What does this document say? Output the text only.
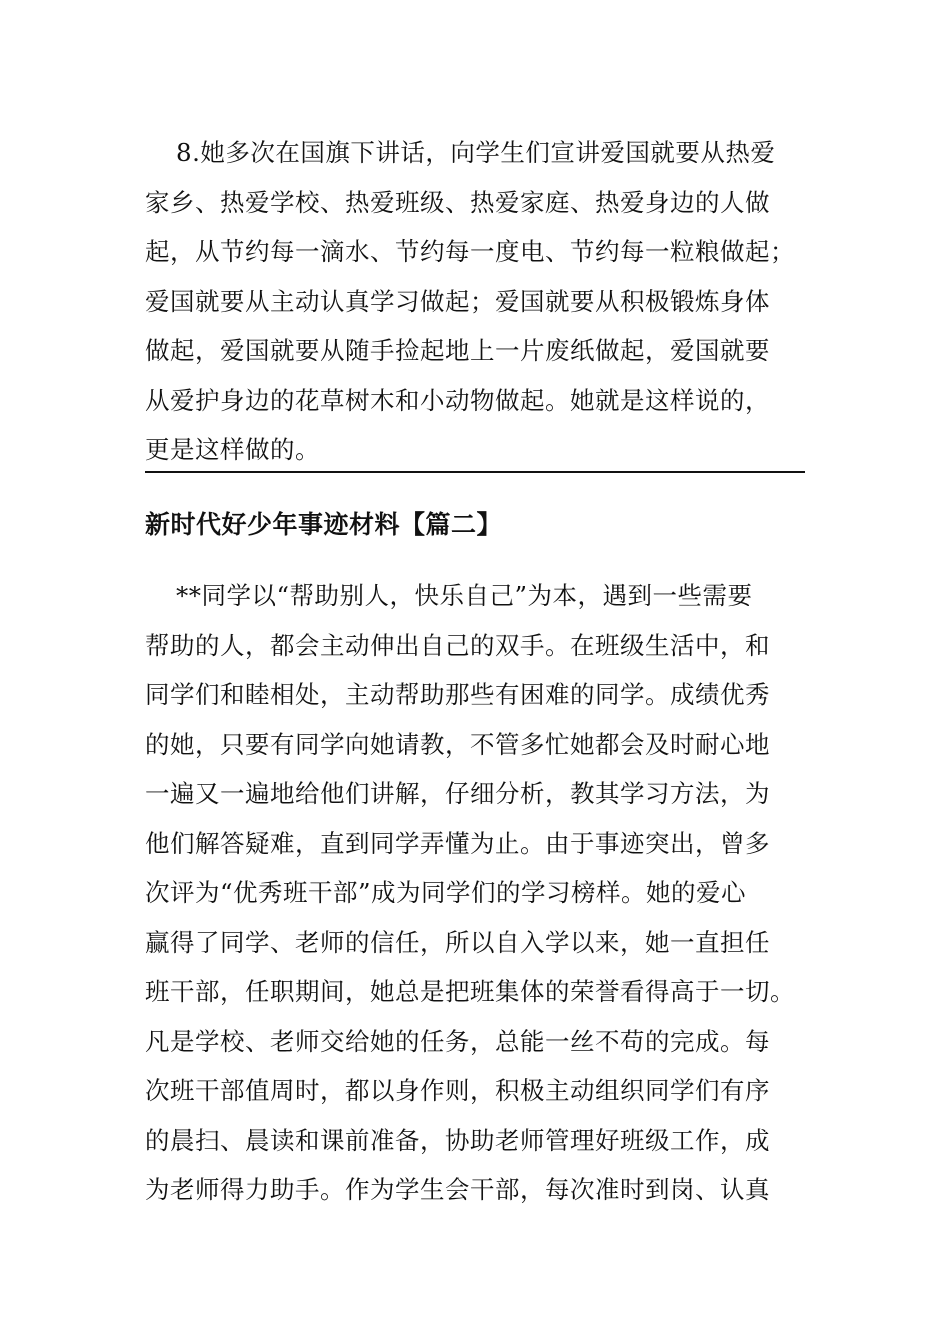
8.她多次在国旗下讲话，向学生们宣讲爱国就要从热爱
家乡、热爱学校、热爱班级、热爱家庭、热爱身边的人做
起，从节约每一滴水、节约每一度电、节约每一粒粮做起；
爱国就要从主动认真学习做起；爱国就要从积极锻炼身体
做起，爱国就要从随手捡起地上一片废纸做起，爱国就要
从爱护身边的花草树木和小动物做起。她就是这样说的，
更是这样做的。
新时代好少年事迹材料【篇二】
**同学以“帮助别人，快乐自己”为本，遇到一些需要
帮助的人，都会主动伸出自己的双手。在班级生活中，和
同学们和睦相处，主动帮助那些有困难的同学。成绩优秀
的她，只要有同学向她请教，不管多忙她都会及时耐心地
一遍又一遍地给他们讲解，仔细分析，教其学习方法，为
他们解答疑难，直到同学弄懂为止。由于事迹突出，曾多
次评为“优秀班干部”成为同学们的学习榜样。她的爱心
赢得了同学、老师的信任，所以自入学以来，她一直担任
班干部，任职期间，她总是把班集体的荣誉看得高于一切。
凡是学校、老师交给她的任务，总能一丝不苟的完成。每
次班干部值周时，都以身作则，积极主动组织同学们有序
的晨扫、晨读和课前准备，协助老师管理好班级工作，成
为老师得力助手。作为学生会干部，每次准时到岗、认真
